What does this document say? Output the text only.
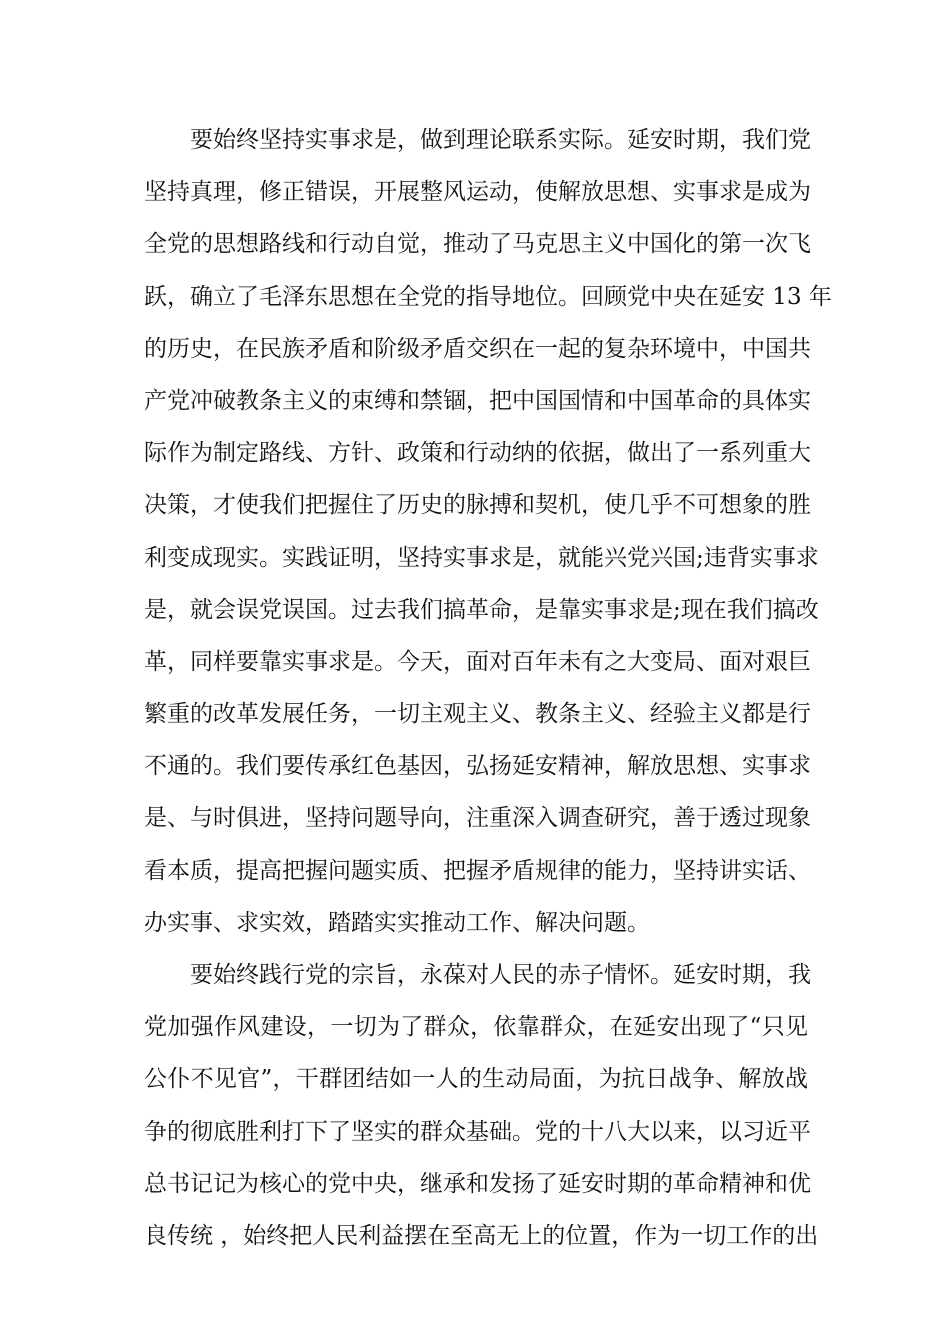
要始终坚持实事求是，做到理论联系实际。延安时期，我们党
坚持真理，修正错误，开展整风运动，使解放思想、实事求是成为
全党的思想路线和行动自觉，推动了马克思主义中国化的第一次飞
跃，确立了毛泽东思想在全党的指导地位。回顾党中央在延安 13 年
的历史，在民族矛盾和阶级矛盾交织在一起的复杂环境中，中国共
产党冲破教条主义的束缚和禁锢，把中国国情和中国革命的具体实
际作为制定路线、方针、政策和行动纳的依据，做出了一系列重大
决策，才使我们把握住了历史的脉搏和契机，使几乎不可想象的胜
利变成现实。实践证明，坚持实事求是，就能兴党兴国;违背实事求
是，就会误党误国。过去我们搞革命，是靠实事求是;现在我们搞改
革，同样要靠实事求是。今天，面对百年未有之大变局、面对艰巨
繁重的改革发展任务，一切主观主义、教条主义、经验主义都是行
不通的。我们要传承红色基因，弘扬延安精神，解放思想、实事求
是、与时俱进，坚持问题导向，注重深入调查研究，善于透过现象
看本质，提高把握问题实质、把握矛盾规律的能力，坚持讲实话、
办实事、求实效，踏踏实实推动工作、解决问题。
要始终践行党的宗旨，永葆对人民的赤子情怀。延安时期，我
党加强作风建设，一切为了群众，依靠群众，在延安出现了“只见
公仆不见官”，干群团结如一人的生动局面，为抗日战争、解放战
争的彻底胜利打下了坚实的群众基础。党的十八大以来，以习近平
总书记记为核心的党中央，继承和发扬了延安时期的革命精神和优
良传统 ，始终把人民利益摆在至高无上的位置，作为一切工作的出
